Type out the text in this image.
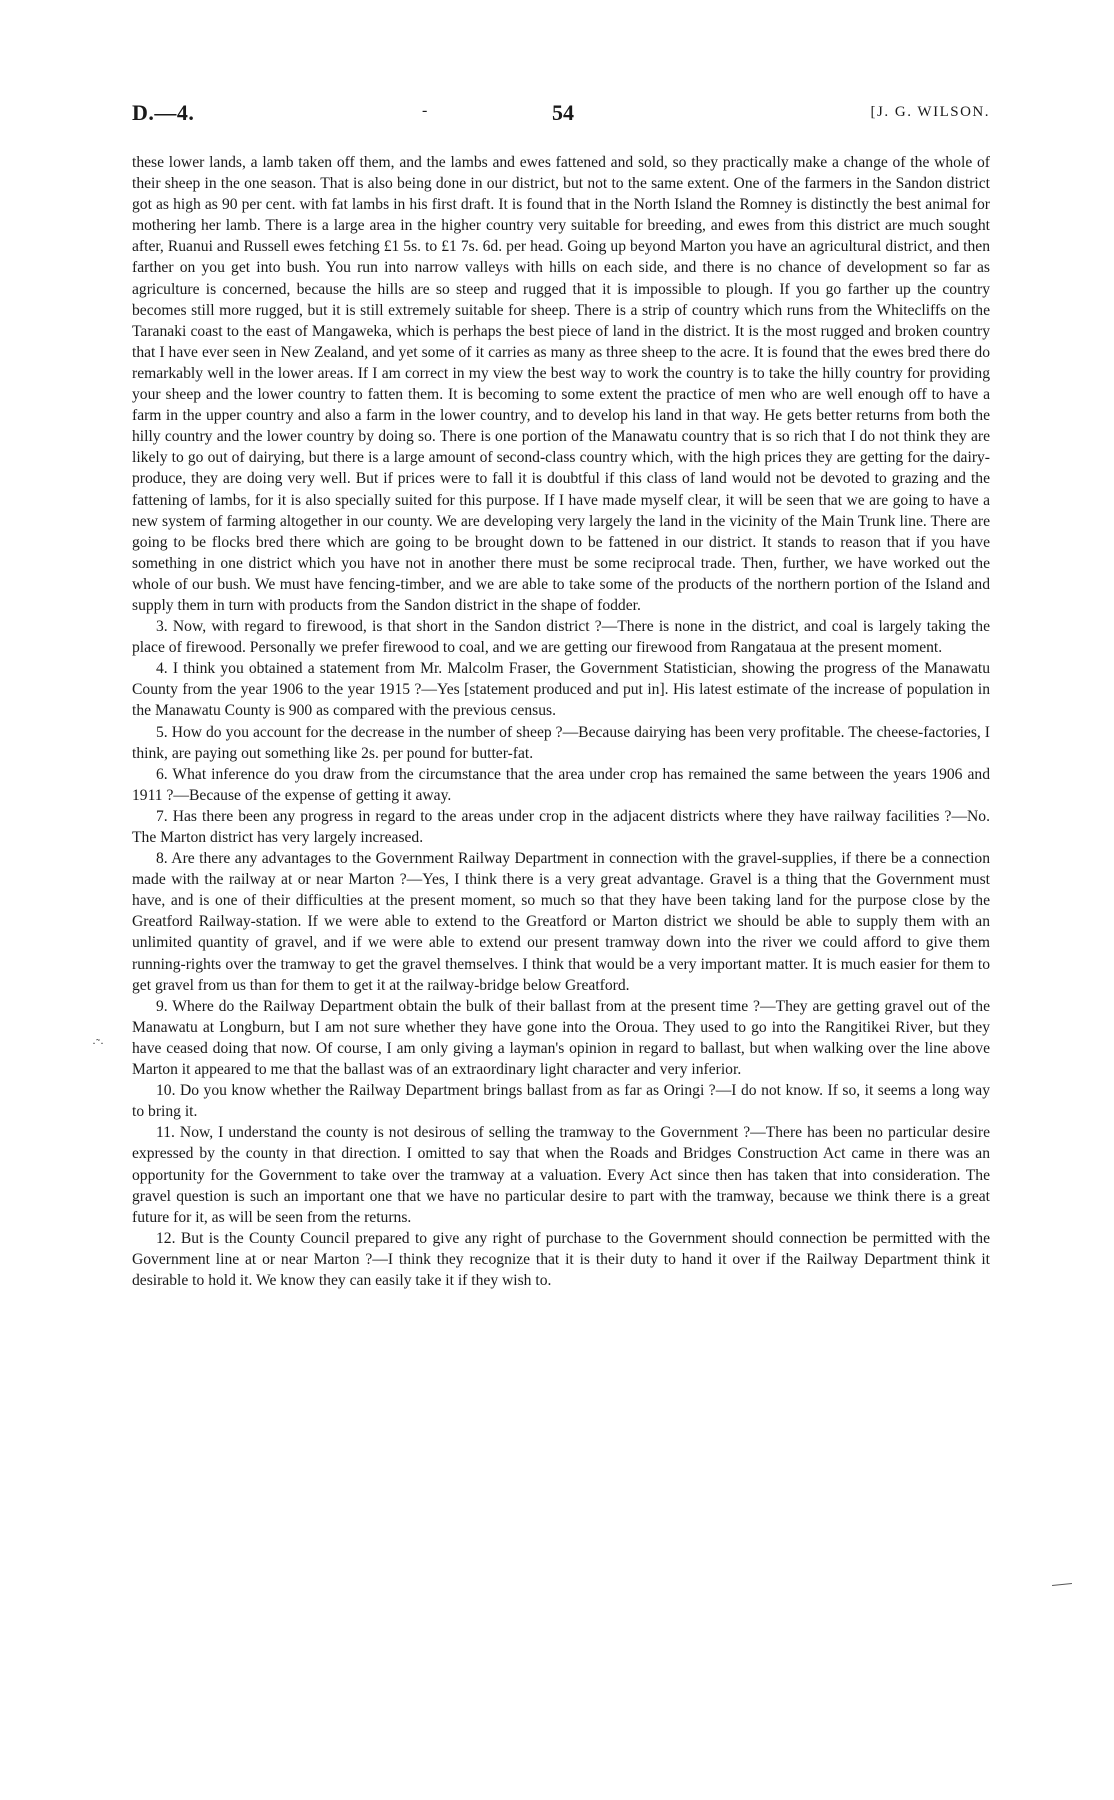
D.—4.	-	54	[J. G. WILSON.

these lower lands, a lamb taken off them, and the lambs and ewes fattened and sold, so they practically make a change of the whole of their sheep in the one season. That is also being done in our district, but not to the same extent. One of the farmers in the Sandon district got as high as 90 per cent. with fat lambs in his first draft. It is found that in the North Island the Romney is distinctly the best animal for mothering her lamb. There is a large area in the higher country very suitable for breeding, and ewes from this district are much sought after, Ruanui and Russell ewes fetching £1 5s. to £1 7s. 6d. per head. Going up beyond Marton you have an agricultural district, and then farther on you get into bush. You run into narrow valleys with hills on each side, and there is no chance of development so far as agriculture is concerned, because the hills are so steep and rugged that it is impossible to plough. If you go farther up the country becomes still more rugged, but it is still extremely suitable for sheep. There is a strip of country which runs from the Whitecliffs on the Taranaki coast to the east of Mangaweka, which is perhaps the best piece of land in the district. It is the most rugged and broken country that I have ever seen in New Zealand, and yet some of it carries as many as three sheep to the acre. It is found that the ewes bred there do remarkably well in the lower areas. If I am correct in my view the best way to work the country is to take the hilly country for providing your sheep and the lower country to fatten them. It is becoming to some extent the practice of men who are well enough off to have a farm in the upper country and also a farm in the lower country, and to develop his land in that way. He gets better returns from both the hilly country and the lower country by doing so. There is one portion of the Manawatu country that is so rich that I do not think they are likely to go out of dairying, but there is a large amount of second-class country which, with the high prices they are getting for the dairy-produce, they are doing very well. But if prices were to fall it is doubtful if this class of land would not be devoted to grazing and the fattening of lambs, for it is also specially suited for this purpose. If I have made myself clear, it will be seen that we are going to have a new system of farming altogether in our county. We are developing very largely the land in the vicinity of the Main Trunk line. There are going to be flocks bred there which are going to be brought down to be fattened in our district. It stands to reason that if you have something in one district which you have not in another there must be some reciprocal trade. Then, further, we have worked out the whole of our bush. We must have fencing-timber, and we are able to take some of the products of the northern portion of the Island and supply them in turn with products from the Sandon district in the shape of fodder.

3. Now, with regard to firewood, is that short in the Sandon district ?—There is none in the district, and coal is largely taking the place of firewood. Personally we prefer firewood to coal, and we are getting our firewood from Rangataua at the present moment.

4. I think you obtained a statement from Mr. Malcolm Fraser, the Government Statistician, showing the progress of the Manawatu County from the year 1906 to the year 1915 ?—Yes [statement produced and put in]. His latest estimate of the increase of population in the Manawatu County is 900 as compared with the previous census.

5. How do you account for the decrease in the number of sheep ?—Because dairying has been very profitable. The cheese-factories, I think, are paying out something like 2s. per pound for butter-fat.

6. What inference do you draw from the circumstance that the area under crop has remained the same between the years 1906 and 1911 ?—Because of the expense of getting it away.

7. Has there been any progress in regard to the areas under crop in the adjacent districts where they have railway facilities ?—No. The Marton district has very largely increased.

8. Are there any advantages to the Government Railway Department in connection with the gravel-supplies, if there be a connection made with the railway at or near Marton ?—Yes, I think there is a very great advantage. Gravel is a thing that the Government must have, and is one of their difficulties at the present moment, so much so that they have been taking land for the purpose close by the Greatford Railway-station. If we were able to extend to the Greatford or Marton district we should be able to supply them with an unlimited quantity of gravel, and if we were able to extend our present tramway down into the river we could afford to give them running-rights over the tramway to get the gravel themselves. I think that would be a very important matter. It is much easier for them to get gravel from us than for them to get it at the railway-bridge below Greatford.

9. Where do the Railway Department obtain the bulk of their ballast from at the present time ?—They are getting gravel out of the Manawatu at Longburn, but I am not sure whether they have gone into the Oroua. They used to go into the Rangitikei River, but they have ceased doing that now. Of course, I am only giving a layman's opinion in regard to ballast, but when walking over the line above Marton it appeared to me that the ballast was of an extraordinary light character and very inferior.

10. Do you know whether the Railway Department brings ballast from as far as Oringi ?—I do not know. If so, it seems a long way to bring it.

11. Now, I understand the county is not desirous of selling the tramway to the Government ?—There has been no particular desire expressed by the county in that direction. I omitted to say that when the Roads and Bridges Construction Act came in there was an opportunity for the Government to take over the tramway at a valuation. Every Act since then has taken that into consideration. The gravel question is such an important one that we have no particular desire to part with the tramway, because we think there is a great future for it, as will be seen from the returns.

12. But is the County Council prepared to give any right of purchase to the Government should connection be permitted with the Government line at or near Marton ?—I think they recognize that it is their duty to hand it over if the Railway Department think it desirable to hold it. We know they can easily take it if they wish to.

·˜·
